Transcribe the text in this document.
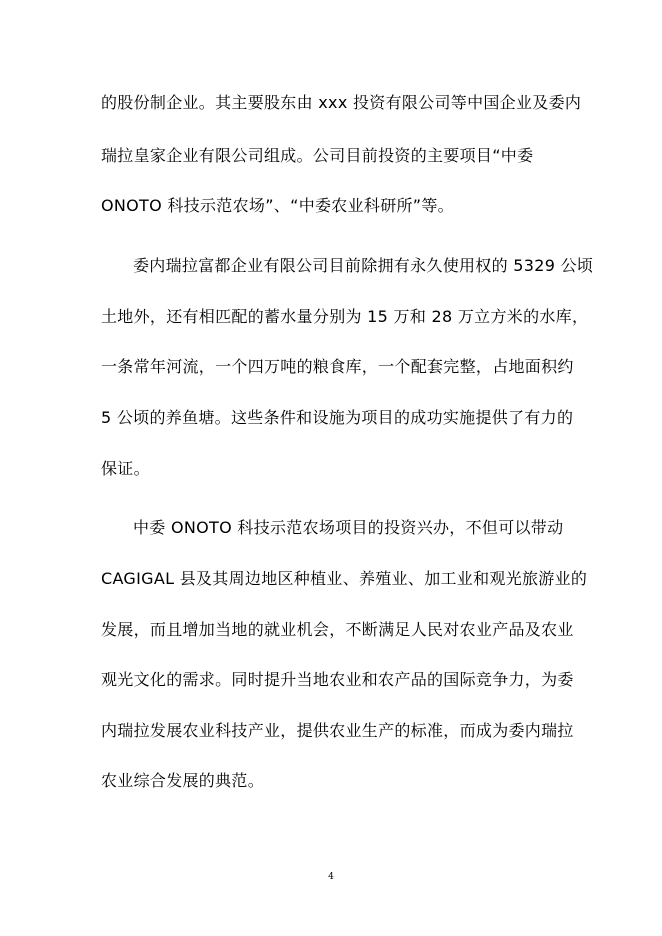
的股份制企业。其主要股东由 xxx 投资有限公司等中国企业及委内
瑞拉皇家企业有限公司组成。公司目前投资的主要项目“中委
ONOTO 科技示范农场”、“中委农业科研所”等。
委内瑞拉富都企业有限公司目前除拥有永久使用权的 5329 公顷
土地外，还有相匹配的蓄水量分别为 15 万和 28 万立方米的水库，
一条常年河流，一个四万吨的粮食库，一个配套完整，占地面积约
5 公顷的养鱼塘。这些条件和设施为项目的成功实施提供了有力的
保证。
中委 ONOTO 科技示范农场项目的投资兴办，不但可以带动
CAGIGAL 县及其周边地区种植业、养殖业、加工业和观光旅游业的
发展，而且增加当地的就业机会，不断满足人民对农业产品及农业
观光文化的需求。同时提升当地农业和农产品的国际竞争力，为委
内瑞拉发展农业科技产业，提供农业生产的标准，而成为委内瑞拉
农业综合发展的典范。
4
